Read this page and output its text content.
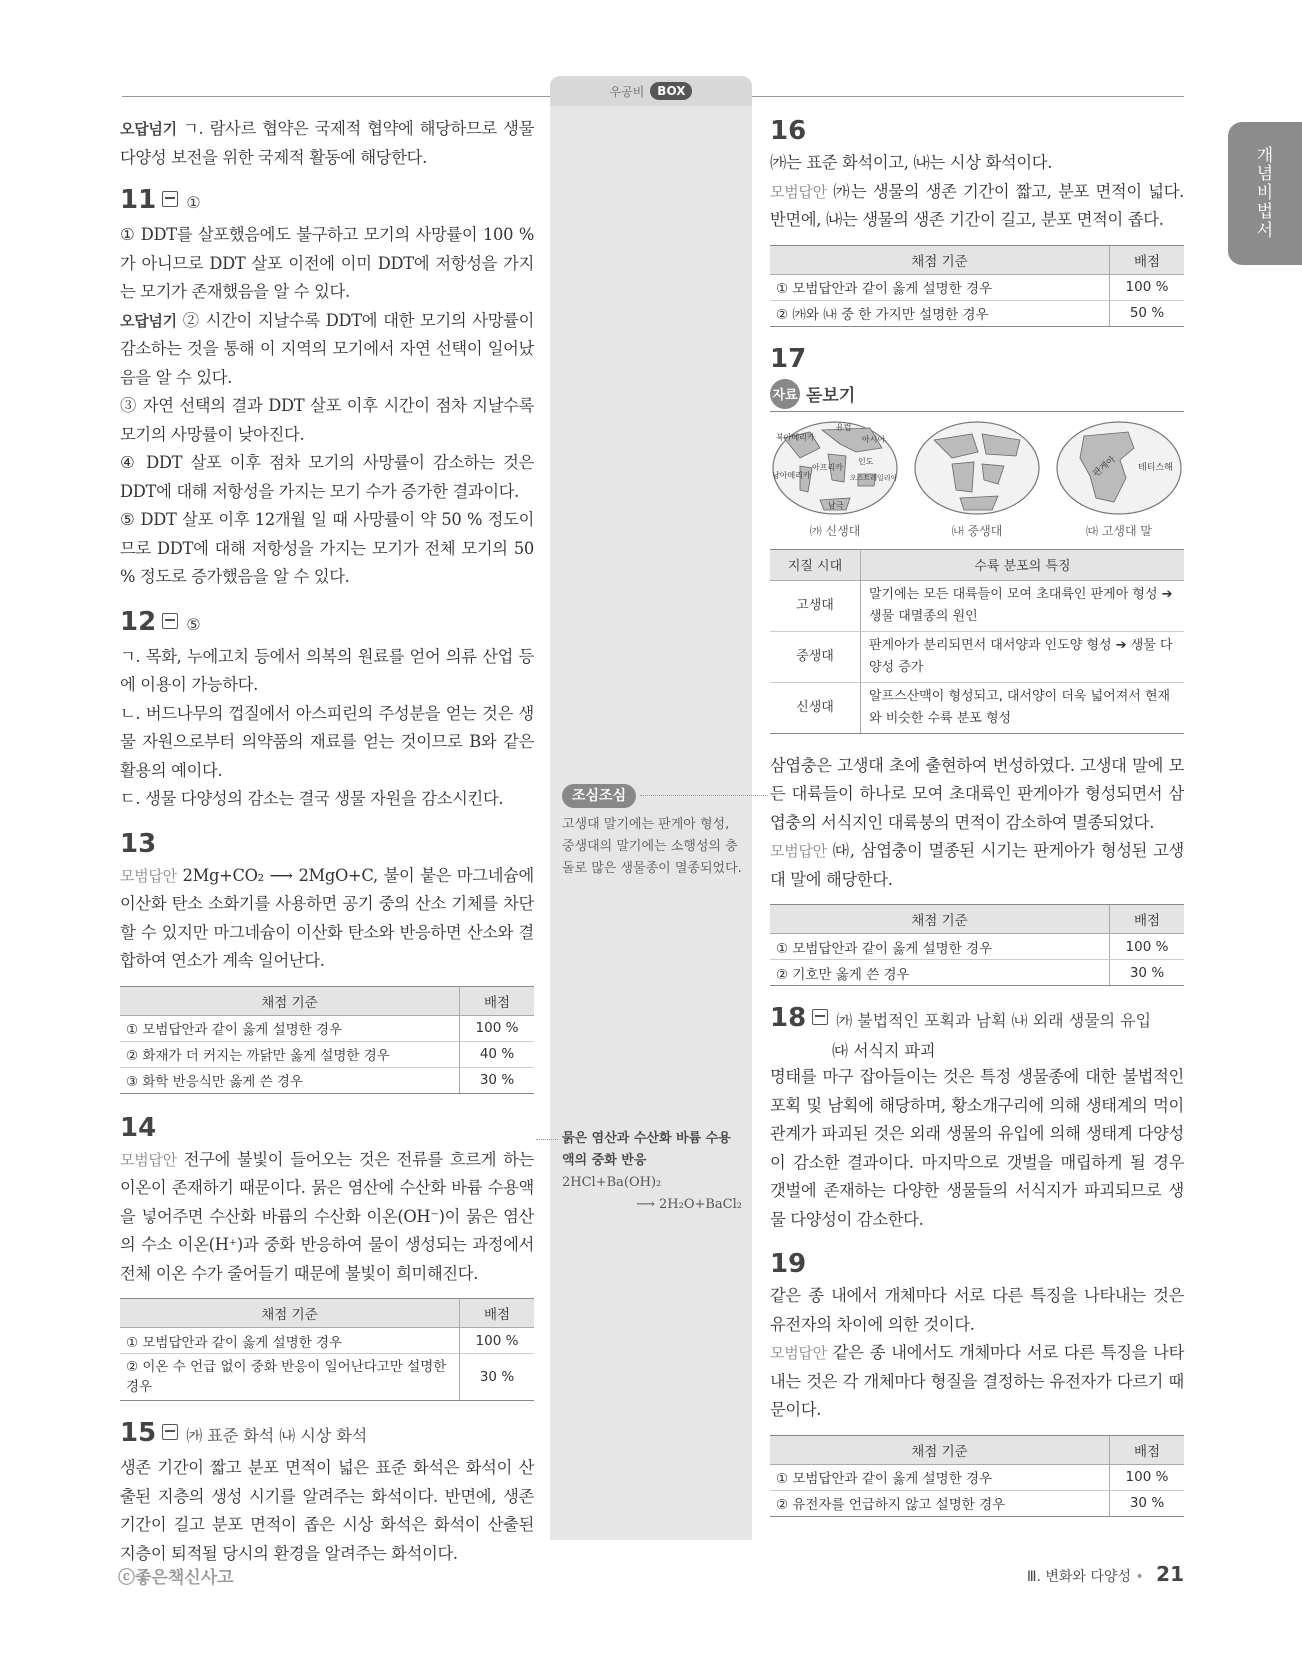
우공비	BOX
개
념
비
법
서

오답넘기 ㄱ. 람사르 협약은 국제적 협약에 해당하므로 생물 다양성 보전을 위한 국제적 활동에 해당한다.

11 ①

① DDT를 살포했음에도 불구하고 모기의 사망률이 100 %가 아니므로 DDT 살포 이전에 이미 DDT에 저항성을 가지는 모기가 존재했음을 알 수 있다.

오답넘기 ② 시간이 지날수록 DDT에 대한 모기의 사망률이 감소하는 것을 통해 이 지역의 모기에서 자연 선택이 일어났음을 알 수 있다.

③ 자연 선택의 결과 DDT 살포 이후 시간이 점차 지날수록 모기의 사망률이 낮아진다.

④ DDT 살포 이후 점차 모기의 사망률이 감소하는 것은 DDT에 대해 저항성을 가지는 모기 수가 증가한 결과이다.

⑤ DDT 살포 이후 12개월 일 때 사망률이 약 50 % 정도이므로 DDT에 대해 저항성을 가지는 모기가 전체 모기의 50 % 정도로 증가했음을 알 수 있다.

12 ⑤

ㄱ. 목화, 누에고치 등에서 의복의 원료를 얻어 의류 산업 등에 이용이 가능하다.

ㄴ. 버드나무의 껍질에서 아스피린의 주성분을 얻는 것은 생물 자원으로부터 의약품의 재료를 얻는 것이므로 B와 같은 활용의 예이다.

ㄷ. 생물 다양성의 감소는 결국 생물 자원을 감소시킨다.

13

모범답안 2Mg+CO₂ ⟶ 2MgO+C, 불이 붙은 마그네슘에 이산화 탄소 소화기를 사용하면 공기 중의 산소 기체를 차단할 수 있지만 마그네슘이 이산화 탄소와 반응하면 산소와 결합하여 연소가 계속 일어난다.

채점 기준	배점
① 모범답안과 같이 옳게 설명한 경우	100 %
② 화재가 더 커지는 까닭만 옳게 설명한 경우	40 %
③ 화학 반응식만 옳게 쓴 경우	30 %
14

모범답안 전구에 불빛이 들어오는 것은 전류를 흐르게 하는 이온이 존재하기 때문이다. 묽은 염산에 수산화 바륨 수용액을 넣어주면 수산화 바륨의 수산화 이온(OH⁻)이 묽은 염산의 수소 이온(H⁺)과 중화 반응하여 물이 생성되는 과정에서 전체 이온 수가 줄어들기 때문에 불빛이 희미해진다.

채점 기준	배점
① 모범답안과 같이 옳게 설명한 경우	100 %
② 이온 수 언급 없이 중화 반응이 일어난다고만 설명한 경우	30 %
15 ㈎ 표준 화석 ㈏ 시상 화석

생존 기간이 짧고 분포 면적이 넓은 표준 화석은 화석이 산출된 지층의 생성 시기를 알려주는 화석이다. 반면에, 생존 기간이 길고 분포 면적이 좁은 시상 화석은 화석이 산출된 지층이 퇴적될 당시의 환경을 알려주는 화석이다.

조심조심
고생대 말기에는 판게아 형성, 중생대의 말기에는 소행성의 충돌로 많은 생물종이 멸종되었다.
묽은 염산과 수산화 바륨 수용액의 중화 반응
2HCl+Ba(OH)₂
⟶ 2H₂O+BaCl₂
16

㈎는 표준 화석이고, ㈏는 시상 화석이다.

모범답안 ㈎는 생물의 생존 기간이 짧고, 분포 면적이 넓다. 반면에, ㈏는 생물의 생존 기간이 길고, 분포 면적이 좁다.

채점 기준	배점
① 모범답안과 같이 옳게 설명한 경우	100 %
② ㈎와 ㈏ 중 한 가지만 설명한 경우	50 %
17
자료 돋보기
북아메리카
유럽
아시아
아프리카
인도
남아메리카	오스트레일리아
남극
㈎ 신생대	㈏ 중생대
판게아 테티스해
㈐ 고생대 말
지질 시대	수륙 분포의 특징
고생대	말기에는 모든 대륙들이 모여 초대륙인 판게아 형성 ➔ 생물 대멸종의 원인
중생대	판게아가 분리되면서 대서양과 인도양 형성 ➔ 생물 다양성 증가
신생대	알프스산맥이 형성되고, 대서양이 더욱 넓어져서 현재와 비슷한 수륙 분포 형성

삼엽충은 고생대 초에 출현하여 번성하였다. 고생대 말에 모든 대륙들이 하나로 모여 초대륙인 판게아가 형성되면서 삼엽충의 서식지인 대륙붕의 면적이 감소하여 멸종되었다.

모범답안 ㈐, 삼엽충이 멸종된 시기는 판게아가 형성된 고생대 말에 해당한다.

채점 기준	배점
① 모범답안과 같이 옳게 설명한 경우	100 %
② 기호만 옳게 쓴 경우	30 %
18 ㈎ 불법적인 포획과 남획 ㈏ 외래 생물의 유입
㈐ 서식지 파괴

명태를 마구 잡아들이는 것은 특정 생물종에 대한 불법적인 포획 및 남획에 해당하며, 황소개구리에 의해 생태계의 먹이 관계가 파괴된 것은 외래 생물의 유입에 의해 생태계 다양성이 감소한 결과이다. 마지막으로 갯벌을 매립하게 될 경우 갯벌에 존재하는 다양한 생물들의 서식지가 파괴되므로 생물 다양성이 감소한다.

19

같은 종 내에서 개체마다 서로 다른 특징을 나타내는 것은 유전자의 차이에 의한 것이다.

모범답안 같은 종 내에서도 개체마다 서로 다른 특징을 나타내는 것은 각 개체마다 형질을 결정하는 유전자가 다르기 때문이다.

채점 기준	배점
① 모범답안과 같이 옳게 설명한 경우	100 %
② 유전자를 언급하지 않고 설명한 경우	30 %
ⓒ좋은책신사고	Ⅲ. 변화와 다양성 • 21
